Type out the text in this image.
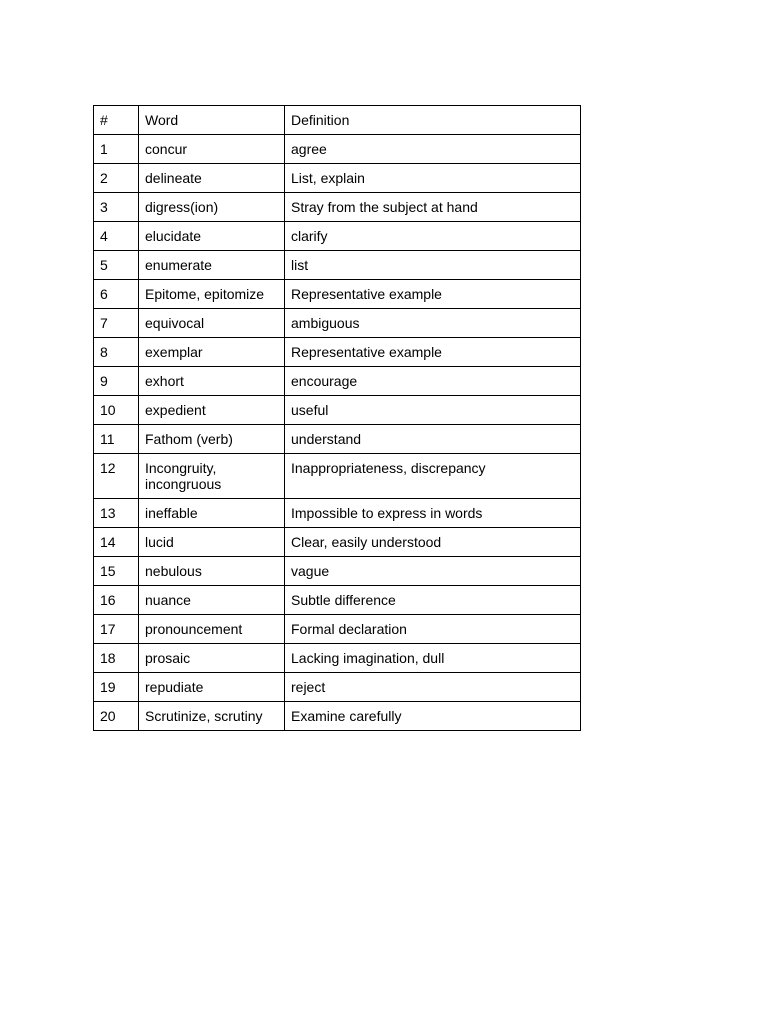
#	Word	Definition
1	concur	agree
2	delineate	List, explain
3	digress(ion)	Stray from the subject at hand
4	elucidate	clarify
5	enumerate	list
6	Epitome, epitomize	Representative example
7	equivocal	ambiguous
8	exemplar	Representative example
9	exhort	encourage
10	expedient	useful
11	Fathom (verb)	understand
12	Incongruity, incongruous	Inappropriateness, discrepancy
13	ineffable	Impossible to express in words
14	lucid	Clear, easily understood
15	nebulous	vague
16	nuance	Subtle difference
17	pronouncement	Formal declaration
18	prosaic	Lacking imagination, dull
19	repudiate	reject
20	Scrutinize, scrutiny	Examine carefully
